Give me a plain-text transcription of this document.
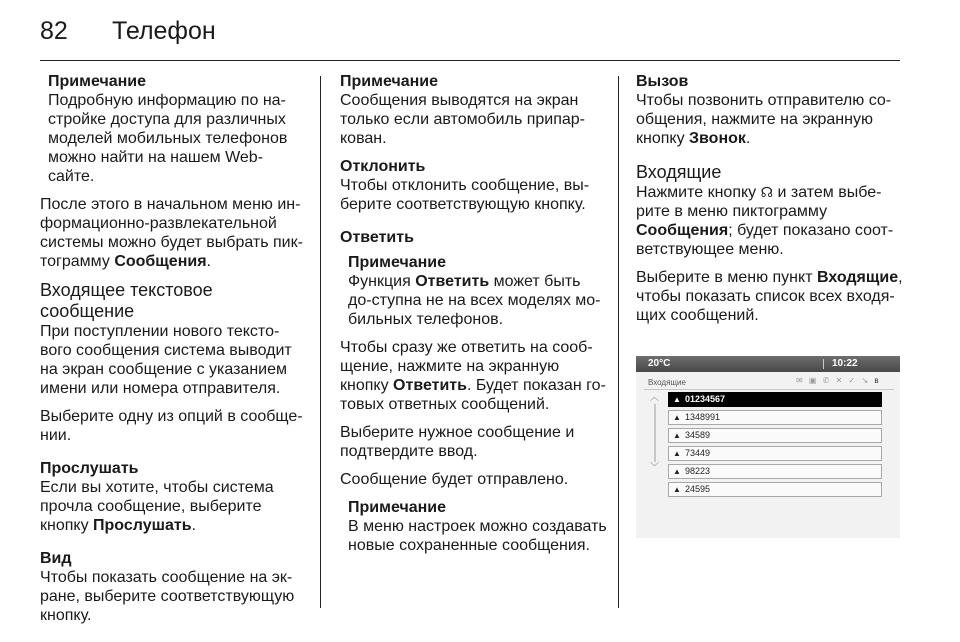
82 Телефон
Примечание
Подробную информацию по на-стройке доступа для различных моделей мобильных телефонов можно найти на нашем Web-сайте.

После этого в начальном меню ин-формационно-развлекательной системы можно будет выбрать пик-тограмму Сообщения.

Входящее текстовое сообщение

При поступлении нового тексто-вого сообщения система выводит на экран сообщение с указанием имени или номера отправителя.

Выберите одну из опций в сообще-нии.

Прослушать
Если вы хотите, чтобы система прочла сообщение, выберите кнопку Прослушать.
Вид
Чтобы показать сообщение на эк-ране, выберите соответствующую кнопку.
Примечание
Сообщения выводятся на экран только если автомобиль припар-кован.
Отклонить
Чтобы отклонить сообщение, вы-берите соответствующую кнопку.
Ответить
Примечание
Функция Ответить может быть до-ступна не на всех моделях мо-бильных телефонов.

Чтобы сразу же ответить на сооб-щение, нажмите на экранную кнопку Ответить. Будет показан го-товых ответных сообщений.

Выберите нужное сообщение и подтвердите ввод.

Сообщение будет отправлено.

Примечание
В меню настроек можно создавать новые сохраненные сообщения.
Вызов
Чтобы позвонить отправителю со-общения, нажмите на экранную кнопку Звонок.
Входящие

Нажмите кнопку ☊ и затем выбе-рите в меню пиктограмму Сообщения; будет показано соот-ветствующее меню.

Выберите в меню пункт Входящие, чтобы показать список всех входя-щих сообщений.

20°C	10:22
Входящие	✉ ▣ ✆ ✕ ✓ ↘ ʙ
︿
﹀
▲ 01234567
▲ 1348991
▲ 34589
▲ 73449
▲ 98223
▲ 24595
